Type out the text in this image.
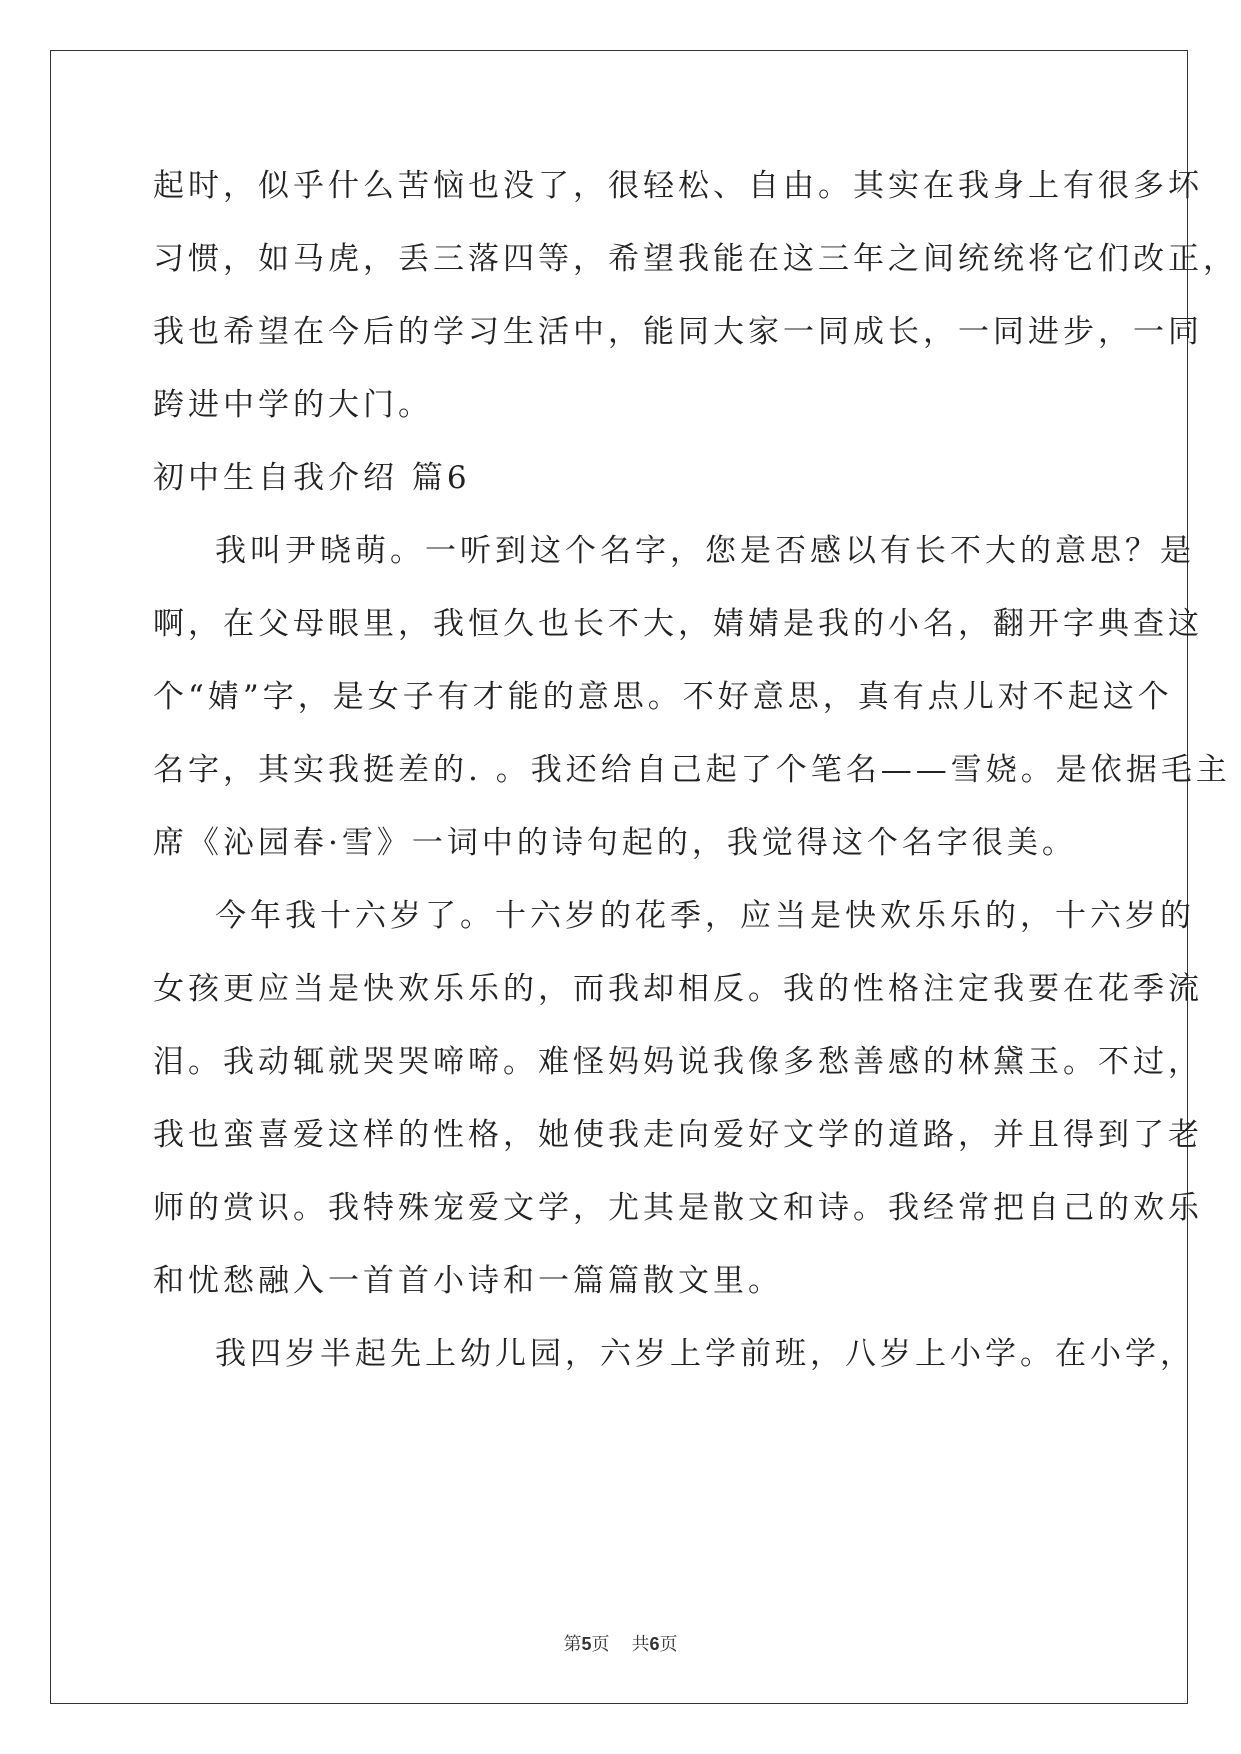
起时，似乎什么苦恼也没了，很轻松、自由。其实在我身上有很多坏
习惯，如马虎，丢三落四等，希望我能在这三年之间统统将它们改正，
我也希望在今后的学习生活中，能同大家一同成长，一同进步，一同
跨进中学的大门。
初中生自我介绍 篇6
我叫尹晓萌。一听到这个名字，您是否感以有长不大的意思？是
啊，在父母眼里，我恒久也长不大，婧婧是我的小名，翻开字典查这
个“婧”字，是女子有才能的意思。不好意思，真有点儿对不起这个
名字，其实我挺差的. 。我还给自己起了个笔名——雪娆。是依据毛主
席《沁园春·雪》一词中的诗句起的，我觉得这个名字很美。
今年我十六岁了。十六岁的花季，应当是快欢乐乐的，十六岁的
女孩更应当是快欢乐乐的，而我却相反。我的性格注定我要在花季流
泪。我动辄就哭哭啼啼。难怪妈妈说我像多愁善感的林黛玉。不过，
我也蛮喜爱这样的性格，她使我走向爱好文学的道路，并且得到了老
师的赏识。我特殊宠爱文学，尤其是散文和诗。我经常把自己的欢乐
和忧愁融入一首首小诗和一篇篇散文里。
我四岁半起先上幼儿园，六岁上学前班，八岁上小学。在小学，
第5页 共6页
